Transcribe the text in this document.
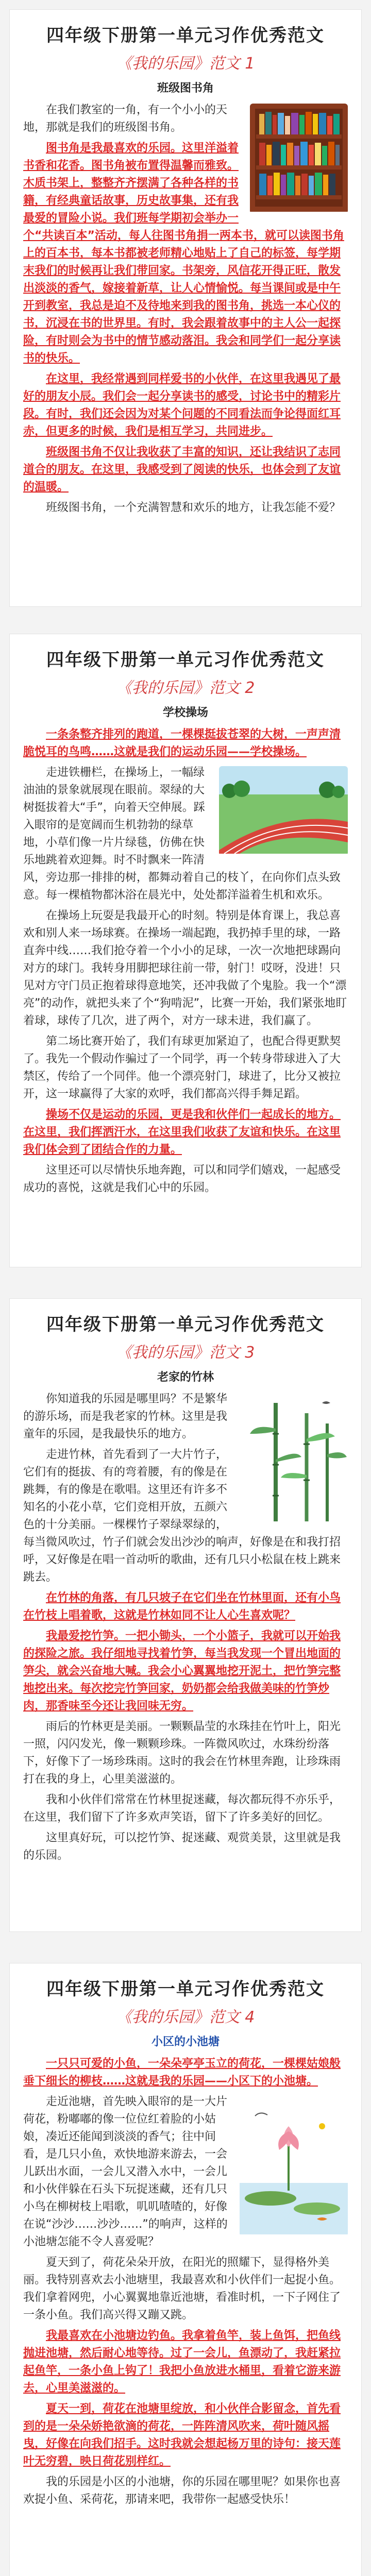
四年级下册第一单元习作优秀范文
《我的乐园》范文 1
班级图书角

在我们教室的一角，有一个小小的天地，那就是我们的班级图书角。

图书角是我最喜欢的乐园。这里洋溢着书香和花香。图书角被布置得温馨而雅致。木质书架上，整整齐齐摆满了各种各样的书籍，有经典童话故事，历史故事集，还有我最爱的冒险小说。我们班每学期初会举办一个“共读百本”活动，每人往图书角捐一两本书，就可以读图书角上的百本书，每本书都被老师精心地贴上了自己的标签，每学期末我们的时候再让我们带回家。书架旁，风信花开得正旺，散发出淡淡的香气，嫁接着新草，让人心情愉悦。每当课间或是中午开到教室，我总是迫不及待地来到我的图书角，挑选一本心仪的书，沉浸在书的世界里。有时，我会跟着故事中的主人公一起探险，有时则会为书中的情节感动落泪。我会和同学们一起分享读书的快乐。

在这里，我经常遇到同样爱书的小伙伴，在这里我遇见了最好的朋友小辰。我们会一起分享读书的感受，讨论书中的精彩片段。有时，我们还会因为对某个问题的不同看法而争论得面红耳赤，但更多的时候，我们是相互学习，共同进步。

班级图书角不仅让我收获了丰富的知识，还让我结识了志同道合的朋友。在这里，我感受到了阅读的快乐，也体会到了友谊的温暖。

班级图书角，一个充满智慧和欢乐的地方，让我怎能不爱？

四年级下册第一单元习作优秀范文
《我的乐园》范文 2
学校操场

一条条整齐排列的跑道，一棵棵挺拔苍翠的大树，一声声清脆悦耳的鸟鸣……这就是我们的运动乐园——学校操场。

走进铁栅栏，在操场上，一幅绿油油的景象就展现在眼前。翠绿的大树挺拔着大“手”，向着天空伸展。踩入眼帘的是宽阔而生机勃勃的绿草地，小草们像一片片绿毯，仿佛在快乐地跳着欢迎舞。时不时飘来一阵清风，旁边那一排排的树，都舞动着自己的枝丫，在向你们点头致意。每一棵植物都沐浴在晨光中，处处都洋溢着生机和欢乐。

在操场上玩耍是我最开心的时刻。特别是体育课上，我总喜欢和别人来一场球赛。在操场一端起跑，我扔掉手里的球，一路直奔中线……我们抢夺着一个小小的足球，一次一次地把球踢向对方的球门。我转身用脚把球往前一带，射门！哎呀，没进！只见对方守门员正抱着球得意地笑，还冲我做了个鬼脸。我一个“漂亮”的动作，就把头来了个“狗啃泥”，比赛一开始，我们紧张地盯着球，球传了几次，进了两个，对方一球未进，我们赢了。

第二场比赛开始了，我们有球更加紧迫了，也配合得更默契了。我先一个假动作骗过了一个同学，再一个转身带球进入了大禁区，传给了一个同伴。他一个漂亮射门，球进了，比分又被拉开，这一球赢得了大家的欢呼，我们都高兴得手舞足蹈。

操场不仅是运动的乐园，更是我和伙伴们一起成长的地方。在这里，我们挥洒汗水，在这里我们收获了友谊和快乐。在这里我们体会到了团结合作的力量。

这里还可以尽情快乐地奔跑，可以和同学们嬉戏，一起感受成功的喜悦，这就是我们心中的乐园。

四年级下册第一单元习作优秀范文
《我的乐园》范文 3
老家的竹林

你知道我的乐园是哪里吗？不是繁华的游乐场，而是我老家的竹林。这里是我童年的乐园，是我最快乐的地方。

走进竹林，首先看到了一大片竹子，它们有的挺拔、有的弯着腰，有的像是在跳舞，有的像是在歌唱。这里还有许多不知名的小花小草，它们竞相开放，五颜六色的十分美丽。一棵棵竹子翠绿翠绿的，每当微风吹过，竹子们就会发出沙沙的响声，好像是在和我打招呼，又好像是在唱一首动听的歌曲，还有几只小松鼠在枝上跳来跳去。

在竹林的角落，有几只坡子在它们坐在竹林里面，还有小鸟在竹枝上唱着歌，这就是竹林如同不让人心生喜欢呢？

我最爱挖竹笋。一把小锄头，一个小篮子，我就可以开始我的探险之旅。我仔细地寻找着竹笋，每当我发现一个冒出地面的笋尖，就会兴奋地大喊。我会小心翼翼地挖开泥土，把竹笋完整地挖出来。每次挖完竹笋回家，奶奶都会给我做美味的竹笋炒肉，那香味至今还让我回味无穷。

雨后的竹林更是美丽。一颗颗晶莹的水珠挂在竹叶上，阳光一照，闪闪发光，像一颗颗珍珠。一阵微风吹过，水珠纷纷落下，好像下了一场珍珠雨。这时的我会在竹林里奔跑，让珍珠雨打在我的身上，心里美滋滋的。

我和小伙伴们常常在竹林里捉迷藏，每次都玩得不亦乐乎，在这里，我们留下了许多欢声笑语，留下了许多美好的回忆。

这里真好玩，可以挖竹笋、捉迷藏、观赏美景，这里就是我的乐园。

四年级下册第一单元习作优秀范文
《我的乐园》范文 4
小区的小池塘

一只只可爱的小鱼，一朵朵亭亭玉立的荷花，一棵棵姑娘般垂下细长的柳枝……这就是我的乐园——小区下的小池塘。

走近池塘，首先映入眼帘的是一大片荷花，粉嘟嘟的像一位位红着脸的小姑娘，凑近还能闻到淡淡的香气；往中间看，是几只小鱼，欢快地游来游去，一会儿跃出水面，一会儿又潜入水中，一会儿和小伙伴躲在石头下玩捉迷藏，还有几只小鸟在柳树枝上唱歌，叽叽喳喳的，好像在说“沙沙……沙沙……”的响声，这样的小池塘怎能不令人喜爱呢？

夏天到了，荷花朵朵开放，在阳光的照耀下，显得格外美丽。我特别喜欢去小池塘里，我最喜欢和小伙伴们一起捉小鱼。我们拿着网兜，小心翼翼地靠近池塘，看准时机，一下子网住了一条小鱼。我们高兴得又蹦又跳。

我最喜欢在小池塘边钓鱼。我拿着鱼竿，装上鱼饵，把鱼线抛进池塘，然后耐心地等待。过了一会儿，鱼漂动了，我赶紧拉起鱼竿，一条小鱼上钩了！我把小鱼放进水桶里，看着它游来游去，心里美滋滋的。

夏天一到，荷花在池塘里绽放，和小伙伴合影留念，首先看到的是一朵朵娇艳欲滴的荷花，一阵阵清风吹来，荷叶随风摇曳，好像在向我们招手。这时我就会想起杨万里的诗句：接天莲叶无穷碧，映日荷花别样红。

我的乐园是小区的小池塘，你的乐园在哪里呢？如果你也喜欢捉小鱼、采荷花，那请来吧，我带你一起感受快乐！
